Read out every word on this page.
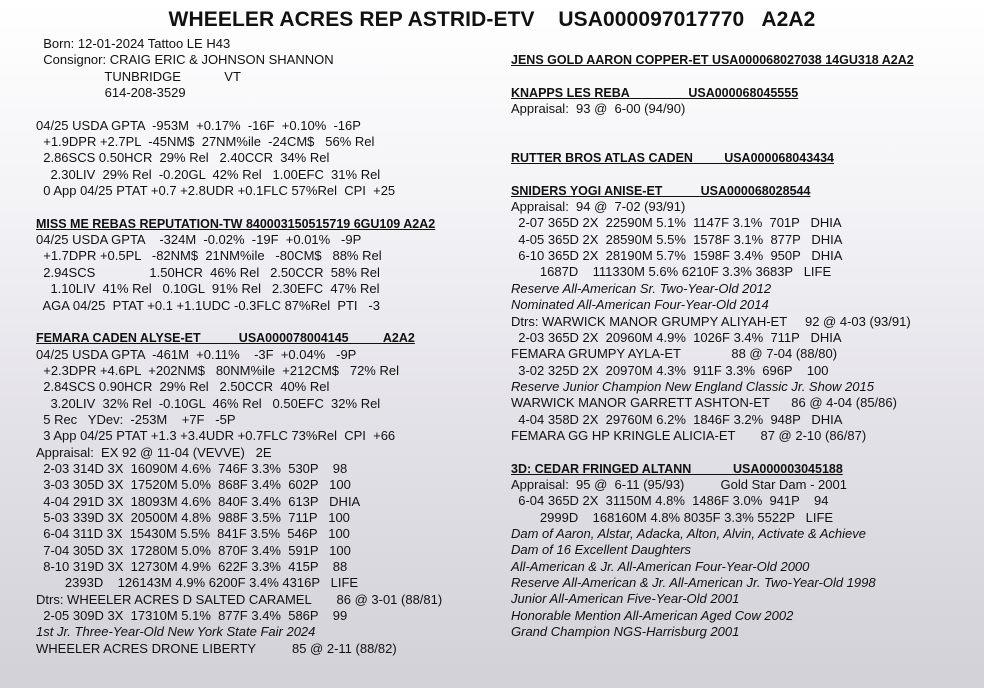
WHEELER ACRES REP ASTRID-ETV    USA000097017770   A2A2
Born: 12-01-2024 Tattoo LE H43
Consignor: CRAIG ERIC & JOHNSON SHANNON
TUNBRIDGE            VT
614-208-3529
04/25 USDA GPTA  -953M  +0.17%  -16F  +0.10%  -16P
+1.9DPR +2.7PL  -45NM$  27NM%ile  -24CM$   56% Rel
2.86SCS 0.50HCR  29% Rel   2.40CCR  34% Rel
2.30LIV  29% Rel  -0.20GL  42% Rel   1.00EFC  31% Rel
0 App 04/25 PTAT +0.7 +2.8UDR +0.1FLC 57%Rel  CPI  +25
MISS ME REBAS REPUTATION-TW 840003150515719 6GU109 A2A2
04/25 USDA GPTA    -324M  -0.02%  -19F  +0.01%   -9P
+1.7DPR +0.5PL   -82NM$  21NM%ile   -80CM$   88% Rel
2.94SCS               1.50HCR  46% Rel   2.50CCR  58% Rel
1.10LIV  41% Rel   0.10GL  91% Rel   2.30EFC  47% Rel
AGA 04/25  PTAT +0.1 +1.1UDC -0.3FLC 87%Rel  PTI   -3
FEMARA CADEN ALYSE-ET           USA000078004145          A2A2
04/25 USDA GPTA  -461M  +0.11%    -3F  +0.04%   -9P
+2.3DPR +4.6PL  +202NM$   80NM%ile  +212CM$   72% Rel
2.84SCS 0.90HCR  29% Rel   2.50CCR  40% Rel
3.20LIV  32% Rel  -0.10GL  46% Rel   0.50EFC  32% Rel
5 Rec   YDev:  -253M    +7F   -5P
3 App 04/25 PTAT +1.3 +3.4UDR +0.7FLC 73%Rel  CPI  +66
Appraisal:  EX 92 @ 11-04 (VEVVE)   2E
2-03 314D 3X  16090M 4.6%  746F 3.3%  530P    98
3-03 305D 3X  17520M 5.0%  868F 3.4%  602P   100
4-04 291D 3X  18093M 4.6%  840F 3.4%  613P   DHIA
5-03 339D 3X  20500M 4.8%  988F 3.5%  711P   100
6-04 311D 3X  15430M 5.5%  841F 3.5%  546P   100
7-04 305D 3X  17280M 5.0%  870F 3.4%  591P   100
8-10 319D 3X  12730M 4.9%  622F 3.3%  415P    88
2393D    126143M 4.9% 6200F 3.4% 4316P   LIFE
Dtrs: WHEELER ACRES D SALTED CARAMEL       86 @ 3-01 (88/81)
2-05 309D 3X  17310M 5.1%  877F 3.4%  586P    99
1st Jr. Three-Year-Old New York State Fair 2024
WHEELER ACRES DRONE LIBERTY          85 @ 2-11 (88/82)
JENS GOLD AARON COPPER-ET USA000068027038 14GU318 A2A2
KNAPPS LES REBA                 USA000068045555
Appraisal:  93 @  6-00 (94/90)
RUTTER BROS ATLAS CADEN         USA000068043434
SNIDERS YOGI ANISE-ET           USA000068028544
Appraisal:  94 @  7-02 (93/91)
2-07 365D 2X  22590M 5.1%  1147F 3.1%  701P   DHIA
4-05 365D 2X  28590M 5.5%  1578F 3.1%  877P   DHIA
6-10 365D 2X  28190M 5.7%  1598F 3.4%  950P   DHIA
1687D    111330M 5.6% 6210F 3.3% 3683P   LIFE
Reserve All-American Sr. Two-Year-Old 2012
Nominated All-American Four-Year-Old 2014
Dtrs: WARWICK MANOR GRUMPY ALIYAH-ET     92 @ 4-03 (93/91)
2-03 365D 2X  20960M 4.9%  1026F 3.4%  711P   DHIA
FEMARA GRUMPY AYLA-ET              88 @ 7-04 (88/80)
3-02 325D 2X  20970M 4.3%  911F 3.3%  696P    100
Reserve Junior Champion New England Classic Jr. Show 2015
WARWICK MANOR GARRETT ASHTON-ET      86 @ 4-04 (85/86)
4-04 358D 2X  29760M 6.2%  1846F 3.2%  948P   DHIA
FEMARA GG HP KRINGLE ALICIA-ET       87 @ 2-10 (86/87)
3D: CEDAR FRINGED ALTANN            USA000003045188
Appraisal:  95 @  6-11 (95/93)          Gold Star Dam - 2001
6-04 365D 2X  31150M 4.8%  1486F 3.0%  941P    94
2999D    168160M 4.8% 8035F 3.3% 5522P   LIFE
Dam of Aaron, Alstar, Adacka, Alton, Alvin, Activate & Achieve
Dam of 16 Excellent Daughters
All-American & Jr. All-American Four-Year-Old 2000
Reserve All-American & Jr. All-American Jr. Two-Year-Old 1998
Junior All-American Five-Year-Old 2001
Honorable Mention All-American Aged Cow 2002
Grand Champion NGS-Harrisburg 2001
